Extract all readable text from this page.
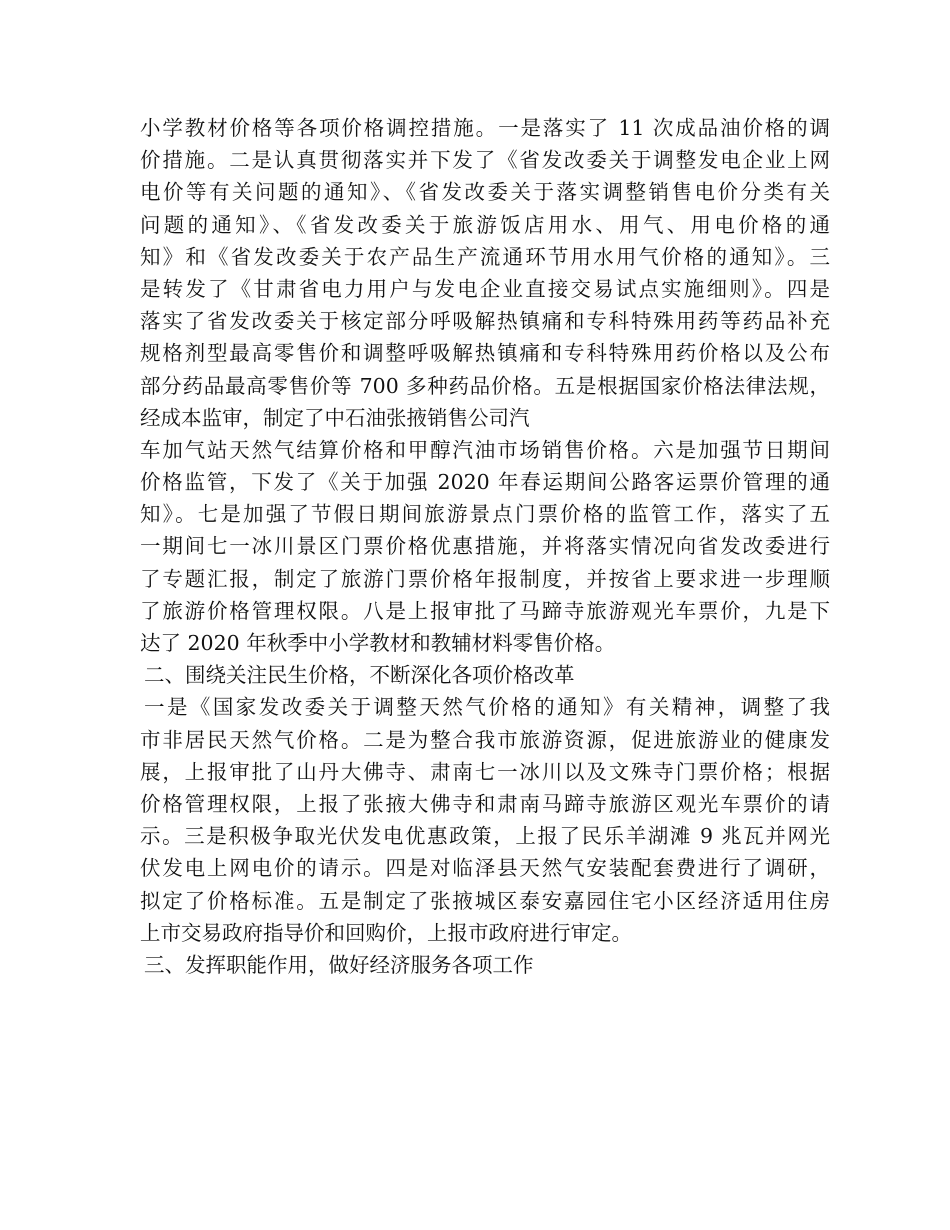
小学教材价格等各项价格调控措施。一是落实了 11 次成品油价格的调
价措施。二是认真贯彻落实并下发了《省发改委关于调整发电企业上网
电价等有关问题的通知》、《省发改委关于落实调整销售电价分类有关
问题的通知》、《省发改委关于旅游饭店用水、用气、用电价格的通
知》和《省发改委关于农产品生产流通环节用水用气价格的通知》。三
是转发了《甘肃省电力用户与发电企业直接交易试点实施细则》。四是
落实了省发改委关于核定部分呼吸解热镇痛和专科特殊用药等药品补充
规格剂型最高零售价和调整呼吸解热镇痛和专科特殊用药价格以及公布
部分药品最高零售价等 700 多种药品价格。五是根据国家价格法律法规，
经成本监审，制定了中石油张掖销售公司汽
车加气站天然气结算价格和甲醇汽油市场销售价格。六是加强节日期间
价格监管，下发了《关于加强 2020 年春运期间公路客运票价管理的通
知》。七是加强了节假日期间旅游景点门票价格的监管工作，落实了五
一期间七一冰川景区门票价格优惠措施，并将落实情况向省发改委进行
了专题汇报，制定了旅游门票价格年报制度，并按省上要求进一步理顺
了旅游价格管理权限。八是上报审批了马蹄寺旅游观光车票价，九是下
达了 2020 年秋季中小学教材和教辅材料零售价格。
二、围绕关注民生价格，不断深化各项价格改革
一是《国家发改委关于调整天然气价格的通知》有关精神，调整了我
市非居民天然气价格。二是为整合我市旅游资源，促进旅游业的健康发
展，上报审批了山丹大佛寺、肃南七一冰川以及文殊寺门票价格；根据
价格管理权限，上报了张掖大佛寺和肃南马蹄寺旅游区观光车票价的请
示。三是积极争取光伏发电优惠政策，上报了民乐羊湖滩 9 兆瓦并网光
伏发电上网电价的请示。四是对临泽县天然气安装配套费进行了调研，
拟定了价格标准。五是制定了张掖城区泰安嘉园住宅小区经济适用住房
上市交易政府指导价和回购价，上报市政府进行审定。
三、发挥职能作用，做好经济服务各项工作
